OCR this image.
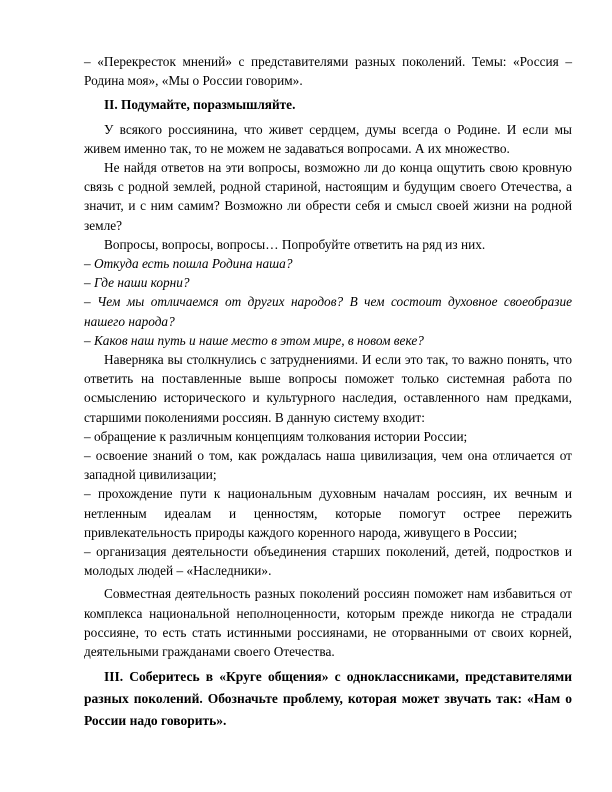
– «Перекресток мнений» с представителями разных поколений. Темы: «Россия – Родина моя», «Мы о России говорим».

II. Подумайте, поразмышляйте.

У всякого россиянина, что живет сердцем, думы всегда о Родине. И если мы живем именно так, то не можем не задаваться вопросами. А их множество.

Не найдя ответов на эти вопросы, возможно ли до конца ощутить свою кровную связь с родной землей, родной стариной, настоящим и будущим своего Отечества, а значит, и с ним самим? Возможно ли обрести себя и смысл своей жизни на родной земле?

Вопросы, вопросы, вопросы… Попробуйте ответить на ряд из них.

– Откуда есть пошла Родина наша?

– Где наши корни?

– Чем мы отличаемся от других народов? В чем состоит духовное своеобразие нашего народа?

– Каков наш путь и наше место в этом мире, в новом веке?

Наверняка вы столкнулись с затруднениями. И если это так, то важно понять, что ответить на поставленные выше вопросы поможет только системная работа по осмыслению исторического и культурного наследия, оставленного нам предками, старшими поколениями россиян. В данную систему входит:

– обращение к различным концепциям толкования истории России;

– освоение знаний о том, как рождалась наша цивилизация, чем она отличается от западной цивилизации;

– прохождение пути к национальным духовным началам россиян, их вечным и нетленным идеалам и ценностям, которые помогут острее пережить привлекательность природы каждого коренного народа, живущего в России;

– организация деятельности объединения старших поколений, детей, подростков и молодых людей – «Наследники».

Совместная деятельность разных поколений россиян поможет нам избавиться от комплекса национальной неполноценности, которым прежде никогда не страдали россияне, то есть стать истинными россиянами, не оторванными от своих корней, деятельными гражданами своего Отечества.

III. Соберитесь в «Круге общения» с одноклассниками, представителями разных поколений. Обозначьте проблему, которая может звучать так: «Нам о России надо говорить».
